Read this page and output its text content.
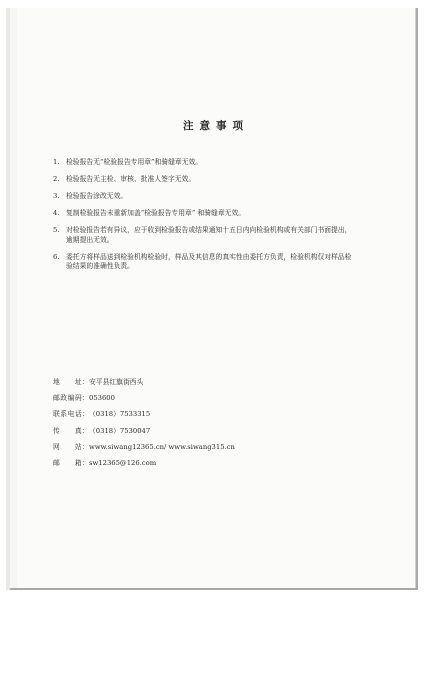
注意事项
1. 检验报告无“检验报告专用章”和骑缝章无效。
2. 检验报告无主检、审核、批准人签字无效。
3. 检验报告涂改无效。
4. 复制检验报告未重新加盖“检验报告专用章” 和骑缝章无效。
5. 对检验报告若有异议，应于收到检验报告或结果通知十五日内向检验机构或有关部门书面提出，逾期提出无效。
6. 委托方将样品送到检验机构检验时，样品及其信息的真实性由委托方负责，检验机构仅对样品检验结果的准确性负责。
地　　址：安平县红旗街西头
邮政编码：053600
联系电话：（0318）7533315
传　　真：（0318）7530047
网　　站：www.siwang12365.cn/ www.siwang315.cn
邮　　箱：sw12365@126.com
